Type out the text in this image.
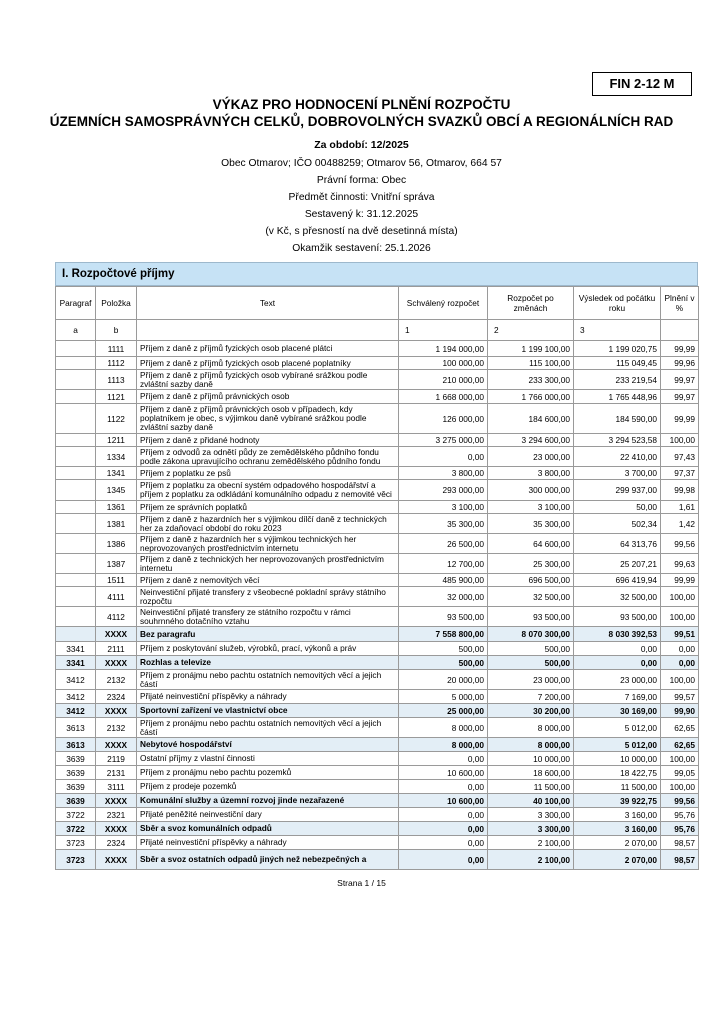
FIN 2-12 M
VÝKAZ PRO HODNOCENÍ PLNĚNÍ ROZPOČTU
ÚZEMNÍCH SAMOSPRÁVNÝCH CELKŮ, DOBROVOLNÝCH SVAZKŮ OBCÍ A REGIONÁLNÍCH RAD
Za období: 12/2025
Obec Otmarov; IČO 00488259; Otmarov 56, Otmarov, 664 57
Právní forma: Obec
Předmět činnosti: Vnitřní správa
Sestavený k: 31.12.2025
(v Kč, s přesností na dvě desetinná místa)
Okamžik sestavení: 25.1.2026
I. Rozpočtové příjmy
Paragraf	Položka	Text	Schválený rozpočet	Rozpočet po změnách	Výsledek od počátku roku	Plnění v %
a	b		1	2	3	
	1111	Příjem z daně z příjmů fyzických osob placené plátci	1 194 000,00	1 199 100,00	1 199 020,75	99,99
	1112	Příjem z daně z příjmů fyzických osob placené poplatníky	100 000,00	115 100,00	115 049,45	99,96
	1113	Příjem z daně z příjmů fyzických osob vybírané srážkou podle zvláštní sazby daně	210 000,00	233 300,00	233 219,54	99,97
	1121	Příjem z daně z příjmů právnických osob	1 668 000,00	1 766 000,00	1 765 448,96	99,97
	1122	Příjem z daně z příjmů právnických osob v případech, kdy poplatníkem je obec, s výjimkou daně vybírané srážkou podle zvláštní sazby daně	126 000,00	184 600,00	184 590,00	99,99
	1211	Příjem z daně z přidané hodnoty	3 275 000,00	3 294 600,00	3 294 523,58	100,00
	1334	Příjem z odvodů za odnětí půdy ze zemědělského půdního fondu podle zákona upravujícího ochranu zemědělského půdního fondu	0,00	23 000,00	22 410,00	97,43
	1341	Příjem z poplatku ze psů	3 800,00	3 800,00	3 700,00	97,37
	1345	Příjem z poplatku za obecní systém odpadového hospodářství a příjem z poplatku za odkládání komunálního odpadu z nemovité věci	293 000,00	300 000,00	299 937,00	99,98
	1361	Příjem ze správních poplatků	3 100,00	3 100,00	50,00	1,61
	1381	Příjem z daně z hazardních her s výjimkou dílčí daně z technických her za zdaňovací období do roku 2023	35 300,00	35 300,00	502,34	1,42
	1386	Příjem z daně z hazardních her s výjimkou technických her neprovozovaných prostřednictvím internetu	26 500,00	64 600,00	64 313,76	99,56
	1387	Příjem z daně z technických her neprovozovaných prostřednictvím internetu	12 700,00	25 300,00	25 207,21	99,63
	1511	Příjem z daně z nemovitých věcí	485 900,00	696 500,00	696 419,94	99,99
	4111	Neinvestiční přijaté transfery z všeobecné pokladní správy státního rozpočtu	32 000,00	32 500,00	32 500,00	100,00
	4112	Neinvestiční přijaté transfery ze státního rozpočtu v rámci souhrnného dotačního vztahu	93 500,00	93 500,00	93 500,00	100,00
	XXXX	Bez paragrafu	7 558 800,00	8 070 300,00	8 030 392,53	99,51
3341	2111	Příjem z poskytování služeb, výrobků, prací, výkonů a práv	500,00	500,00	0,00	0,00
3341	XXXX	Rozhlas a televize	500,00	500,00	0,00	0,00
3412	2132	Příjem z pronájmu nebo pachtu ostatních nemovitých věcí a jejich částí	20 000,00	23 000,00	23 000,00	100,00
3412	2324	Přijaté neinvestiční příspěvky a náhrady	5 000,00	7 200,00	7 169,00	99,57
3412	XXXX	Sportovní zařízení ve vlastnictví obce	25 000,00	30 200,00	30 169,00	99,90
3613	2132	Příjem z pronájmu nebo pachtu ostatních nemovitých věcí a jejich částí	8 000,00	8 000,00	5 012,00	62,65
3613	XXXX	Nebytové hospodářství	8 000,00	8 000,00	5 012,00	62,65
3639	2119	Ostatní příjmy z vlastní činnosti	0,00	10 000,00	10 000,00	100,00
3639	2131	Příjem z pronájmu nebo pachtu pozemků	10 600,00	18 600,00	18 422,75	99,05
3639	3111	Příjem z prodeje pozemků	0,00	11 500,00	11 500,00	100,00
3639	XXXX	Komunální služby a územní rozvoj jinde nezařazené	10 600,00	40 100,00	39 922,75	99,56
3722	2321	Přijaté peněžité neinvestiční dary	0,00	3 300,00	3 160,00	95,76
3722	XXXX	Sběr a svoz komunálních odpadů	0,00	3 300,00	3 160,00	95,76
3723	2324	Přijaté neinvestiční příspěvky a náhrady	0,00	2 100,00	2 070,00	98,57
3723	XXXX	Sběr a svoz ostatních odpadů jiných než nebezpečných a	0,00	2 100,00	2 070,00	98,57
Strana 1 / 15
